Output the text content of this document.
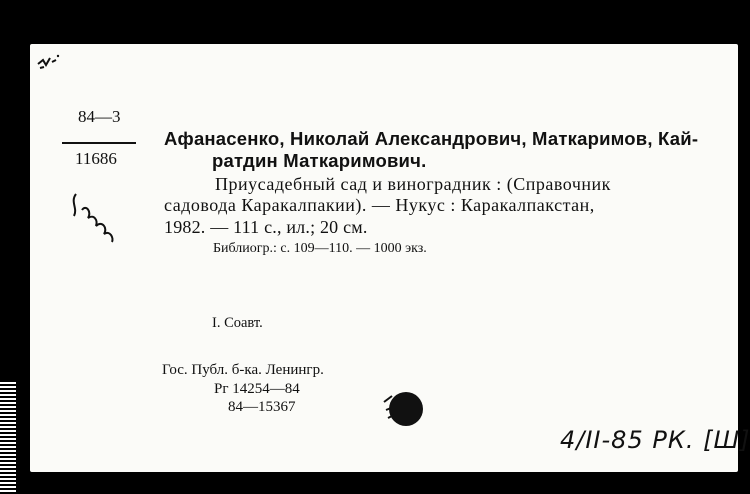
84—3
11686
Афанасенко, Николай Александрович, Маткаримов, Кай-
ратдин Маткаримович.
Приусадебный сад и виноградник : (Справочник
садовода Каракалпакии). — Нукус : Каракалпакстан,
1982. — 111 с., ил.; 20 см.
Библиогр.: с. 109—110. — 1000 экз.
I. Соавт.
Гос. Публ. б-ка. Ленингр.
Рг 14254—84
84—15367
4/II-85 РК. [Ш]
